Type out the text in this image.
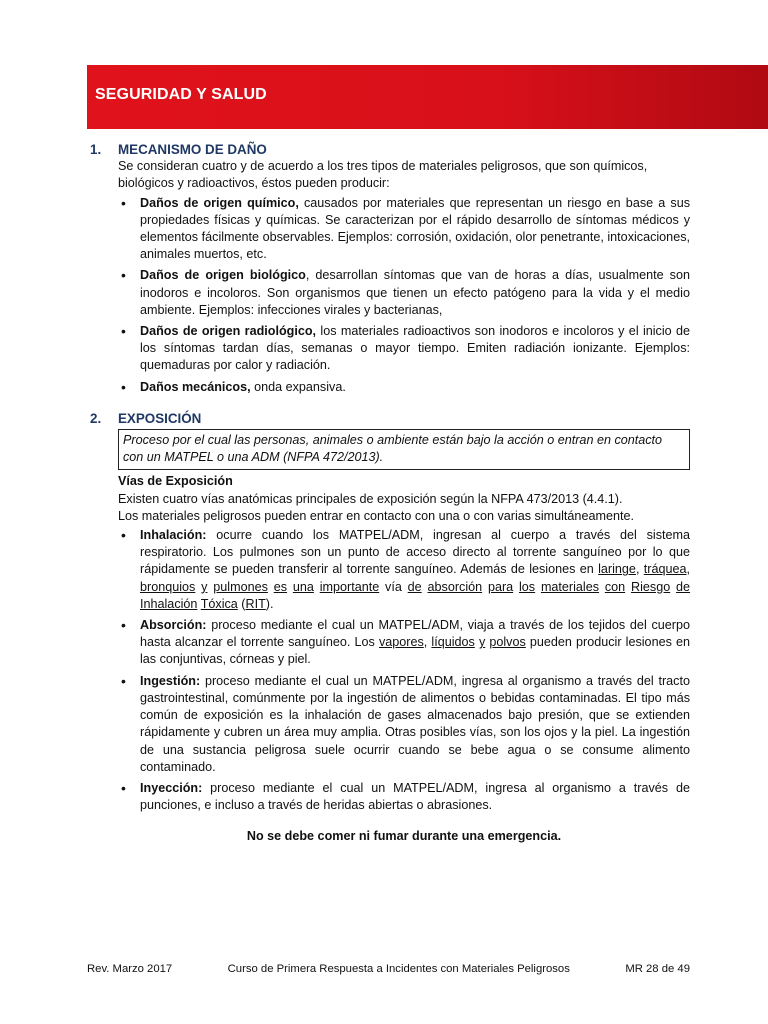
SEGURIDAD Y SALUD
1.	MECANISMO DE DAÑO

Se consideran cuatro y de acuerdo a los tres tipos de materiales peligrosos, que son químicos, biológicos y radioactivos, éstos pueden producir:

• Daños de origen químico, causados por materiales que representan un riesgo en base a sus propiedades físicas y químicas. Se caracterizan por el rápido desarrollo de síntomas médicos y elementos fácilmente observables. Ejemplos: corrosión, oxidación, olor penetrante, intoxicaciones, animales muertos, etc.
• Daños de origen biológico, desarrollan síntomas que van de horas a días, usualmente son inodoros e incoloros. Son organismos que tienen un efecto patógeno para la vida y el medio ambiente. Ejemplos: infecciones virales y bacterianas,
• Daños de origen radiológico, los materiales radioactivos son inodoros e incoloros y el inicio de los síntomas tardan días, semanas o mayor tiempo. Emiten radiación ionizante. Ejemplos: quemaduras por calor y radiación.
• Daños mecánicos, onda expansiva.
2.	EXPOSICIÓN
Proceso por el cual las personas, animales o ambiente están bajo la acción o entran en contacto con un MATPEL o una ADM (NFPA 472/2013).

Vías de Exposición

Existen cuatro vías anatómicas principales de exposición según la NFPA 473/2013 (4.4.1).

Los materiales peligrosos pueden entrar en contacto con una o con varias simultáneamente.

• Inhalación: ocurre cuando los MATPEL/ADM, ingresan al cuerpo a través del sistema respiratorio. Los pulmones son un punto de acceso directo al torrente sanguíneo por lo que rápidamente se pueden transferir al torrente sanguíneo. Además de lesiones en laringe, tráquea, bronquios y pulmones es una importante vía de absorción para los materiales con Riesgo de Inhalación Tóxica (RIT).
• Absorción: proceso mediante el cual un MATPEL/ADM, viaja a través de los tejidos del cuerpo hasta alcanzar el torrente sanguíneo. Los vapores, líquidos y polvos pueden producir lesiones en las conjuntivas, córneas y piel.
• Ingestión: proceso mediante el cual un MATPEL/ADM, ingresa al organismo a través del tracto gastrointestinal, comúnmente por la ingestión de alimentos o bebidas contaminadas. El tipo más común de exposición es la inhalación de gases almacenados bajo presión, que se extienden rápidamente y cubren un área muy amplia. Otras posibles vías, son los ojos y la piel. La ingestión de una sustancia peligrosa suele ocurrir cuando se bebe agua o se consume alimento contaminado.
• Inyección: proceso mediante el cual un MATPEL/ADM, ingresa al organismo a través de punciones, e incluso a través de heridas abiertas o abrasiones.

No se debe comer ni fumar durante una emergencia.

Rev. Marzo 2017	Curso de Primera Respuesta a Incidentes con Materiales Peligrosos	MR 28 de 49
